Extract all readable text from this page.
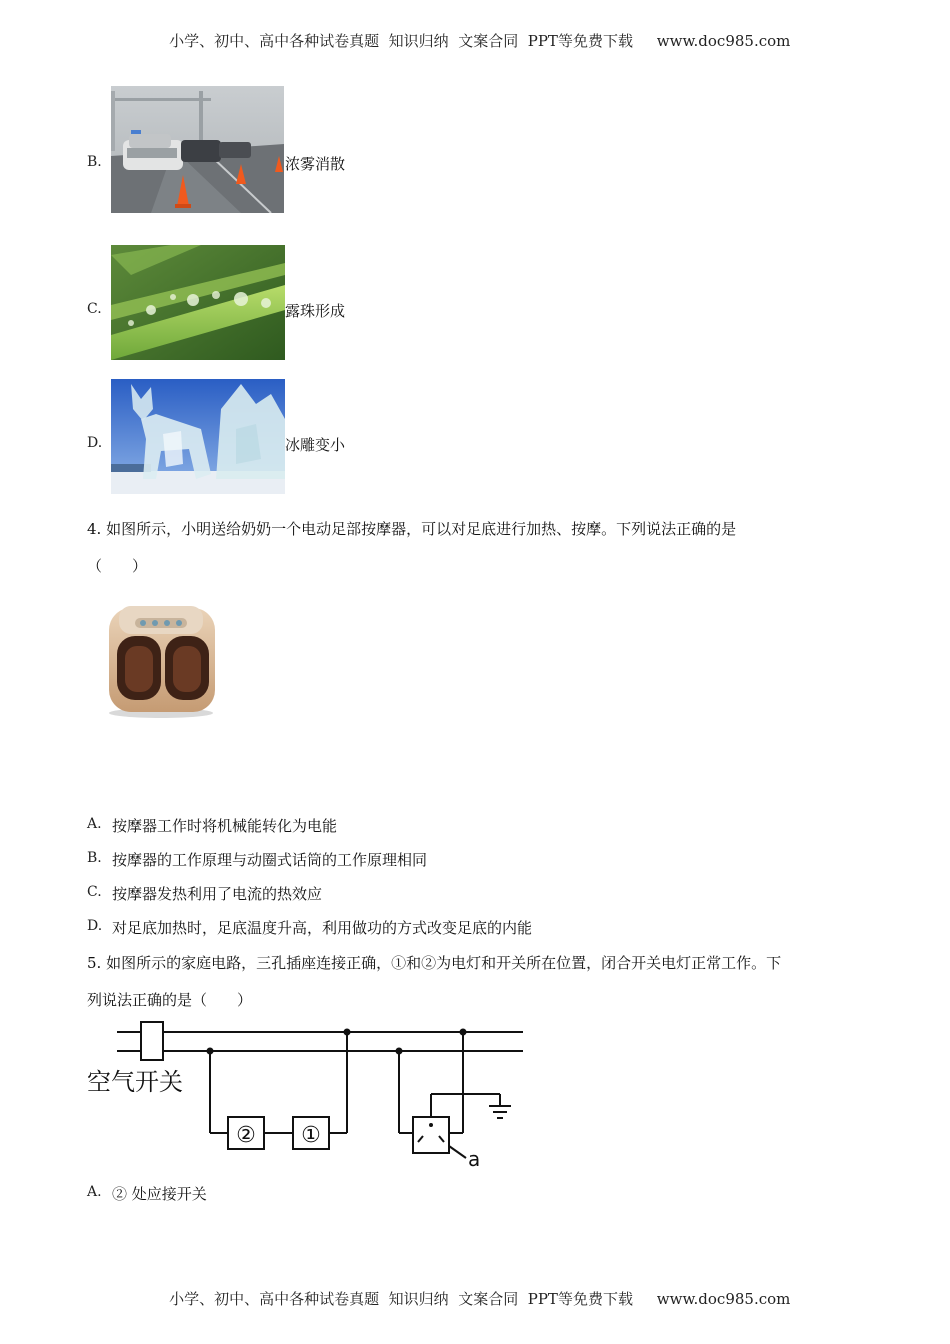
小学、初中、高中各种试卷真题  知识归纳  文案合同  PPT等免费下载 www.doc985.com

B.	浓雾消散
C.	露珠形成
D.	冰雕变小
4. 如图所示，小明送给奶奶一个电动足部按摩器，可以对足底进行加热、按摩。下列说法正确的是
（　　）
A. 按摩器工作时将机械能转化为电能
B. 按摩器的工作原理与动圈式话筒的工作原理相同
C. 按摩器发热利用了电流的热效应
D. 对足底加热时，足底温度升高，利用做功的方式改变足底的内能
5. 如图所示的家庭电路，三孔插座连接正确，①和②为电灯和开关所在位置，闭合开关电灯正常工作。下
列说法正确的是（　　）
空气开关
② ①
a
A. ② 处应接开关

小学、初中、高中各种试卷真题  知识归纳  文案合同  PPT等免费下载 www.doc985.com
